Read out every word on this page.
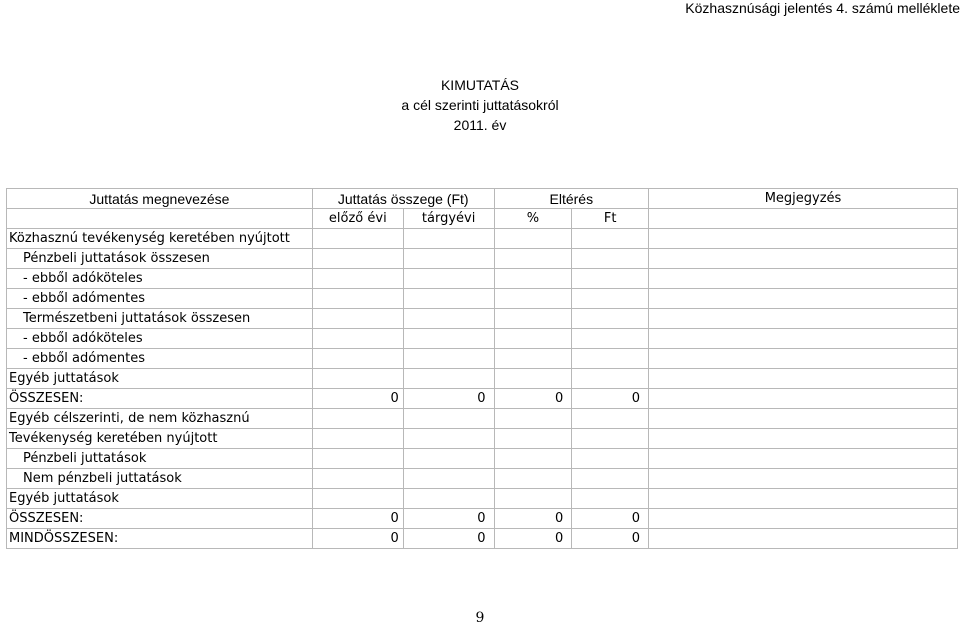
Közhasznúsági jelentés 4. számú melléklete
KIMUTATÁS
a cél szerinti juttatásokról
2011. év
Juttatás megnevezése	Juttatás összege (Ft)		Eltérés		Megjegyzés
	előző évi	tárgyévi	%	Ft	
Közhasznú tevékenység keretében nyújtott					
Pénzbeli juttatások összesen					
- ebből adóköteles					
- ebből adómentes					
Természetbeni juttatások összesen					
- ebből adóköteles					
- ebből adómentes					
Egyéb juttatások					
ÖSSZESEN:	0	0	0	0	
Egyéb célszerinti, de nem közhasznú					
Tevékenység keretében nyújtott					
Pénzbeli juttatások					
Nem pénzbeli juttatások					
Egyéb juttatások					
ÖSSZESEN:	0	0	0	0	
MINDÖSSZESEN:	0	0	0	0	
9
